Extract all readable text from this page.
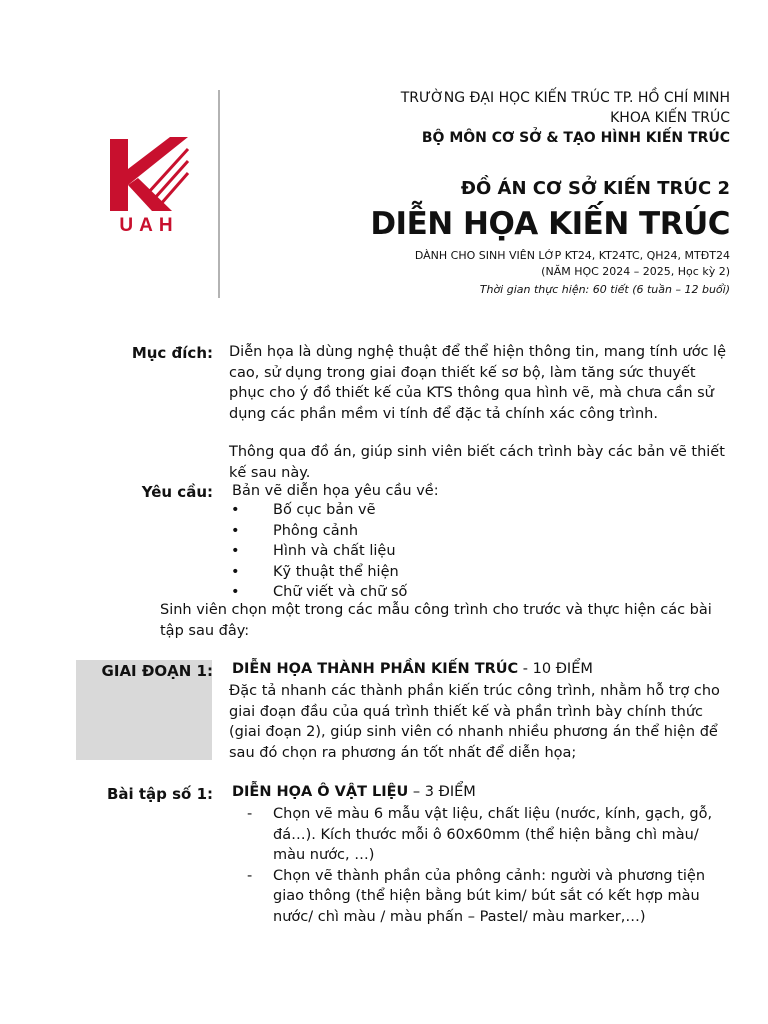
UAH
TRƯỜNG ĐẠI HỌC KIẾN TRÚC TP. HỒ CHÍ MINH
KHOA KIẾN TRÚC
BỘ MÔN CƠ SỞ & TẠO HÌNH KIẾN TRÚC
ĐỒ ÁN CƠ SỞ KIẾN TRÚC 2
DIỄN HỌA KIẾN TRÚC
DÀNH CHO SINH VIÊN LỚP KT24, KT24TC, QH24, MTĐT24
(NĂM HỌC 2024 – 2025, Học kỳ 2)
Thời gian thực hiện: 60 tiết (6 tuần – 12 buổi)
Mục đích: Diễn họa là dùng nghệ thuật để thể hiện thông tin, mang tính ước lệ cao, sử dụng trong giai đoạn thiết kế sơ bộ, làm tăng sức thuyết phục cho ý đồ thiết kế của KTS thông qua hình vẽ, mà chưa cần sử dụng các phần mềm vi tính để đặc tả chính xác công trình.
Thông qua đồ án, giúp sinh viên biết cách trình bày các bản vẽ thiết kế sau này.
Yêu cầu: Bản vẽ diễn họa yêu cầu về:
• Bố cục bản vẽ
• Phông cảnh
• Hình và chất liệu
• Kỹ thuật thể hiện
• Chữ viết và chữ số
Sinh viên chọn một trong các mẫu công trình cho trước và thực hiện các bài tập sau đây:
GIAI ĐOẠN 1: DIỄN HỌA THÀNH PHẦN KIẾN TRÚC - 10 ĐIỂM
Đặc tả nhanh các thành phần kiến trúc công trình, nhằm hỗ trợ cho giai đoạn đầu của quá trình thiết kế và phần trình bày chính thức (giai đoạn 2), giúp sinh viên có nhanh nhiều phương án thể hiện để sau đó chọn ra phương án tốt nhất để diễn họa;
Bài tập số 1: DIỄN HỌA Ô VẬT LIỆU – 3 ĐIỂM
- Chọn vẽ màu 6 mẫu vật liệu, chất liệu (nước, kính, gạch, gỗ, đá…). Kích thước mỗi ô 60x60mm (thể hiện bằng chì màu/ màu nước, …)
- Chọn vẽ thành phần của phông cảnh: người và phương tiện giao thông (thể hiện bằng bút kim/ bút sắt có kết hợp màu nước/ chì màu / màu phấn – Pastel/ màu marker,…)
